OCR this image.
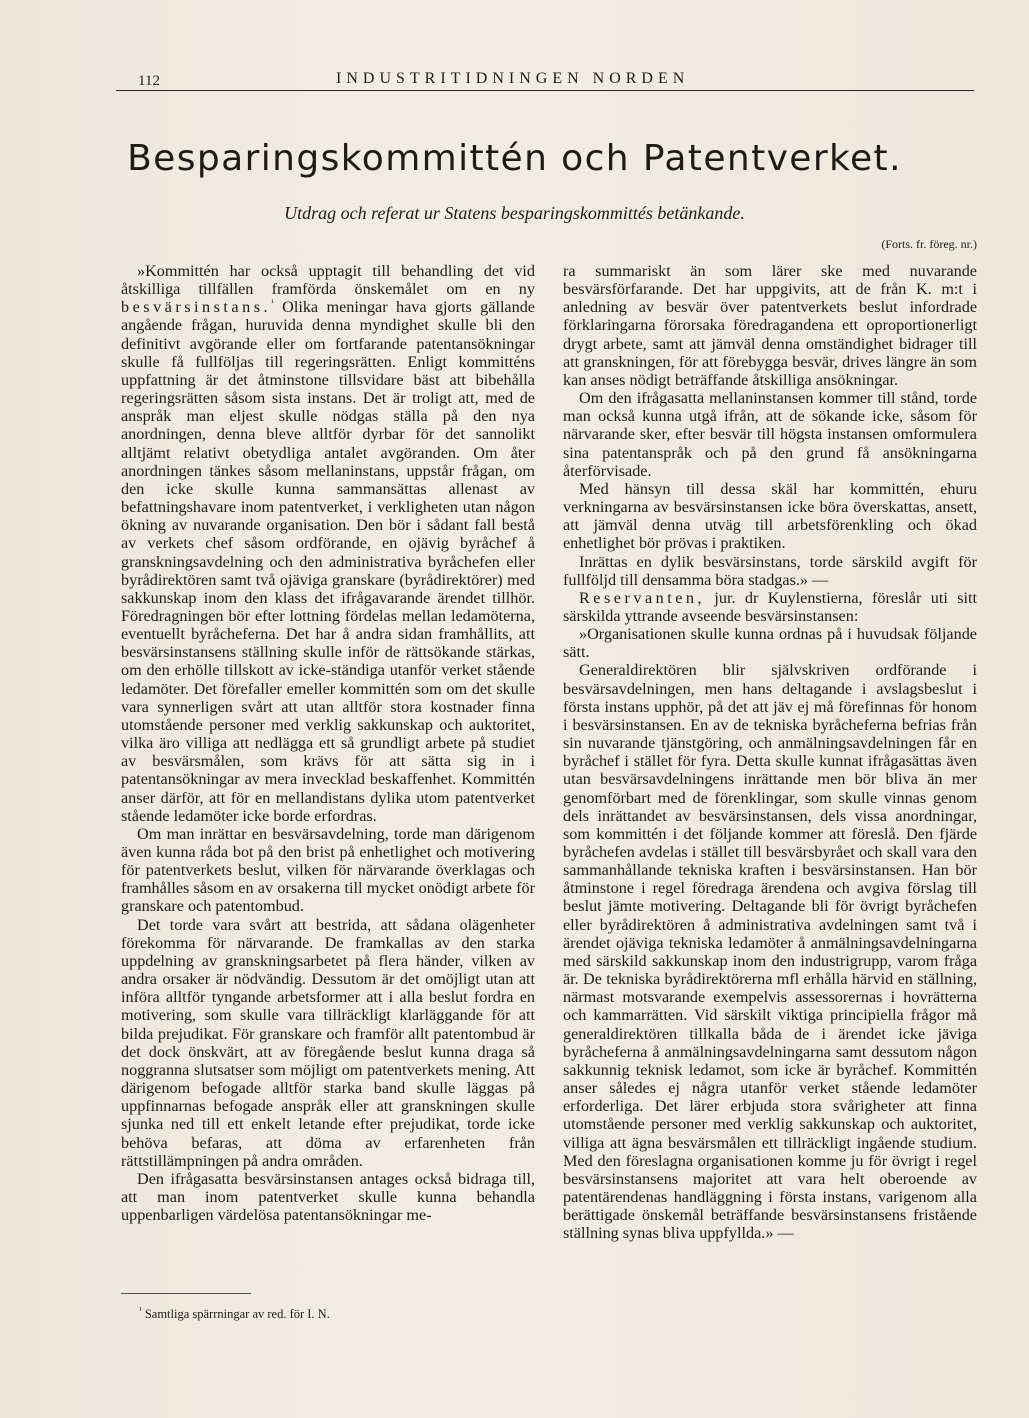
112	INDUSTRITIDNINGEN NORDEN
Besparingskommittén och Patentverket.
Utdrag och referat ur Statens besparingskommittés betänkande.
(Forts. fr. föreg. nr.)

»Kommittén har också upptagit till behandling det vid åtskilliga tillfällen framförda önskemålet om en ny besvärsinstans.$^{^1}$ Olika meningar hava gjorts gällande angående frågan, huruvida denna myndighet skulle bli den definitivt avgörande eller om fortfarande patentansökningar skulle få fullföljas till regeringsrätten. Enligt kommitténs uppfattning är det åtminstone tillsvidare bäst att bibehålla regeringsrätten såsom sista instans. Det är troligt att, med de anspråk man eljest skulle nödgas ställa på den nya anordningen, denna bleve alltför dyrbar för det sannolikt alltjämt relativt obetydliga antalet avgöranden. Om åter anordningen tänkes såsom mellaninstans, uppstår frågan, om den icke skulle kunna sammansättas allenast av befattningshavare inom patentverket, i verkligheten utan någon ökning av nuvarande organisation. Den bör i sådant fall bestå av verkets chef såsom ordförande, en ojävig byråchef å granskningsavdelning och den administrativa byråchefen eller byrådirektören samt två ojäviga granskare (byrådirektörer) med sakkunskap inom den klass det ifrågavarande ärendet tillhör. Föredragningen bör efter lottning fördelas mellan ledamöterna, eventuellt byråcheferna. Det har å andra sidan framhållits, att besvärsinstansens ställning skulle inför de rättsökande stärkas, om den erhölle tillskott av icke-ständiga utanför verket stående ledamöter. Det förefaller emeller kommittén som om det skulle vara synnerligen svårt att utan alltför stora kostnader finna utomstående personer med verklig sakkunskap och auktoritet, vilka äro villiga att nedlägga ett så grundligt arbete på studiet av besvärsmålen, som krävs för att sätta sig in i patentansökningar av mera invecklad beskaffenhet. Kommittén anser därför, att för en mellandistans dylika utom patentverket stående ledamöter icke borde erfordras.

Om man inrättar en besvärsavdelning, torde man därigenom även kunna råda bot på den brist på enhetlighet och motivering för patentverkets beslut, vilken för närvarande överklagas och framhålles såsom en av orsakerna till mycket onödigt arbete för granskare och patentombud.

Det torde vara svårt att bestrida, att sådana olägenheter förekomma för närvarande. De framkallas av den starka uppdelning av granskningsarbetet på flera händer, vilken av andra orsaker är nödvändig. Dessutom är det omöjligt utan att införa alltför tyngande arbetsformer att i alla beslut fordra en motivering, som skulle vara tillräckligt klarläggande för att bilda prejudikat. För granskare och framför allt patentombud är det dock önskvärt, att av föregående beslut kunna draga så noggranna slutsatser som möjligt om patentverkets mening. Att därigenom befogade alltför starka band skulle läggas på uppfinnarnas befogade anspråk eller att granskningen skulle sjunka ned till ett enkelt letande efter prejudikat, torde icke behöva befaras, att döma av erfarenheten från rättstillämpningen på andra områden.

Den ifrågasatta besvärsinstansen antages också bidraga till, att man inom patentverket skulle kunna behandla uppenbarligen värdelösa patentansökningar me-

ra summariskt än som lärer ske med nuvarande besvärsförfarande. Det har uppgivits, att de från K. m:t i anledning av besvär över patentverkets beslut infordrade förklaringarna förorsaka föredragandena ett oproportionerligt drygt arbete, samt att jämväl denna omständighet bidrager till att granskningen, för att förebygga besvär, drives längre än som kan anses nödigt beträffande åtskilliga ansökningar.

Om den ifrågasatta mellaninstansen kommer till stånd, torde man också kunna utgå ifrån, att de sökande icke, såsom för närvarande sker, efter besvär till högsta instansen omformulera sina patentanspråk och på den grund få ansökningarna återförvisade.

Med hänsyn till dessa skäl har kommittén, ehuru verkningarna av besvärsinstansen icke böra överskattas, ansett, att jämväl denna utväg till arbetsförenkling och ökad enhetlighet bör prövas i praktiken.

Inrättas en dylik besvärsinstans, torde särskild avgift för fullföljd till densamma böra stadgas.» —

Reservanten, jur. dr Kuylenstierna, föreslår uti sitt särskilda yttrande avseende besvärsinstansen:

»Organisationen skulle kunna ordnas på i huvudsak följande sätt.

Generaldirektören blir självskriven ordförande i besvärsavdelningen, men hans deltagande i avslagsbeslut i första instans upphör, på det att jäv ej må förefinnas för honom i besvärsinstansen. En av de tekniska byråcheferna befrias från sin nuvarande tjänstgöring, och anmälningsavdelningen får en byråchef i stället för fyra. Detta skulle kunnat ifrågasättas även utan besvärsavdelningens inrättande men bör bliva än mer genomförbart med de förenklingar, som skulle vinnas genom dels inrättandet av besvärsinstansen, dels vissa anordningar, som kommittén i det följande kommer att föreslå. Den fjärde byråchefen avdelas i stället till besvärsbyrået och skall vara den sammanhållande tekniska kraften i besvärsinstansen. Han bör åtminstone i regel föredraga ärendena och avgiva förslag till beslut jämte motivering. Deltagande bli för övrigt byråchefen eller byrådirektören å administrativa avdelningen samt två i ärendet ojäviga tekniska ledamöter å anmälningsavdelningarna med särskild sakkunskap inom den industrigrupp, varom fråga är. De tekniska byrådirektörerna mfl erhålla härvid en ställning, närmast motsvarande exempelvis assessorernas i hovrätterna och kammarrätten. Vid särskilt viktiga principiella frågor må generaldirektören tillkalla båda de i ärendet icke jäviga byråcheferna å anmälningsavdelningarna samt dessutom någon sakkunnig teknisk ledamot, som icke är byråchef. Kommittén anser således ej några utanför verket stående ledamöter erforderliga. Det lärer erbjuda stora svårigheter att finna utomstående personer med verklig sakkunskap och auktoritet, villiga att ägna besvärsmålen ett tillräckligt ingående studium. Med den föreslagna organisationen komme ju för övrigt i regel besvärsinstansens majoritet att vara helt oberoende av patentärendenas handläggning i första instans, varigenom alla berättigade önskemål beträffande besvärsinstansens fristående ställning synas bliva uppfyllda.» —

$^{^1}$ Samtliga spärrningar av red. för I. N.
